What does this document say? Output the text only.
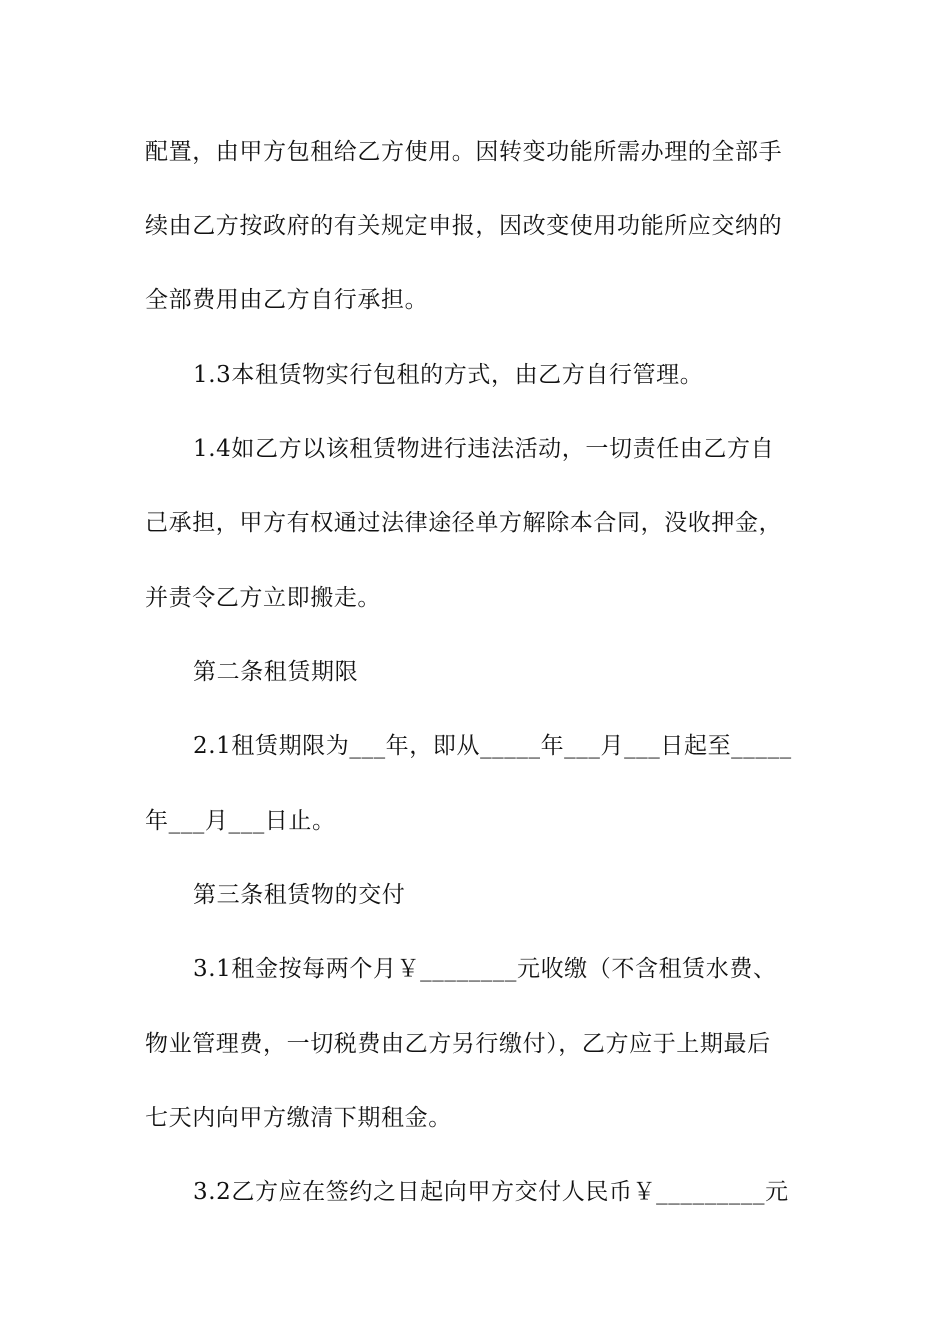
配置，由甲方包租给乙方使用。因转变功能所需办理的全部手
续由乙方按政府的有关规定申报，因改变使用功能所应交纳的
全部费用由乙方自行承担。
1.3本租赁物实行包租的方式，由乙方自行管理。
1.4如乙方以该租赁物进行违法活动，一切责任由乙方自
己承担，甲方有权通过法律途径单方解除本合同，没收押金，
并责令乙方立即搬走。
第二条租赁期限
2.1租赁期限为___年，即从_____年___月___日起至_____
年___月___日止。
第三条租赁物的交付
3.1租金按每两个月￥________元收缴（不含租赁水费、
物业管理费，一切税费由乙方另行缴付），乙方应于上期最后
七天内向甲方缴清下期租金。
3.2乙方应在签约之日起向甲方交付人民币￥_________元
